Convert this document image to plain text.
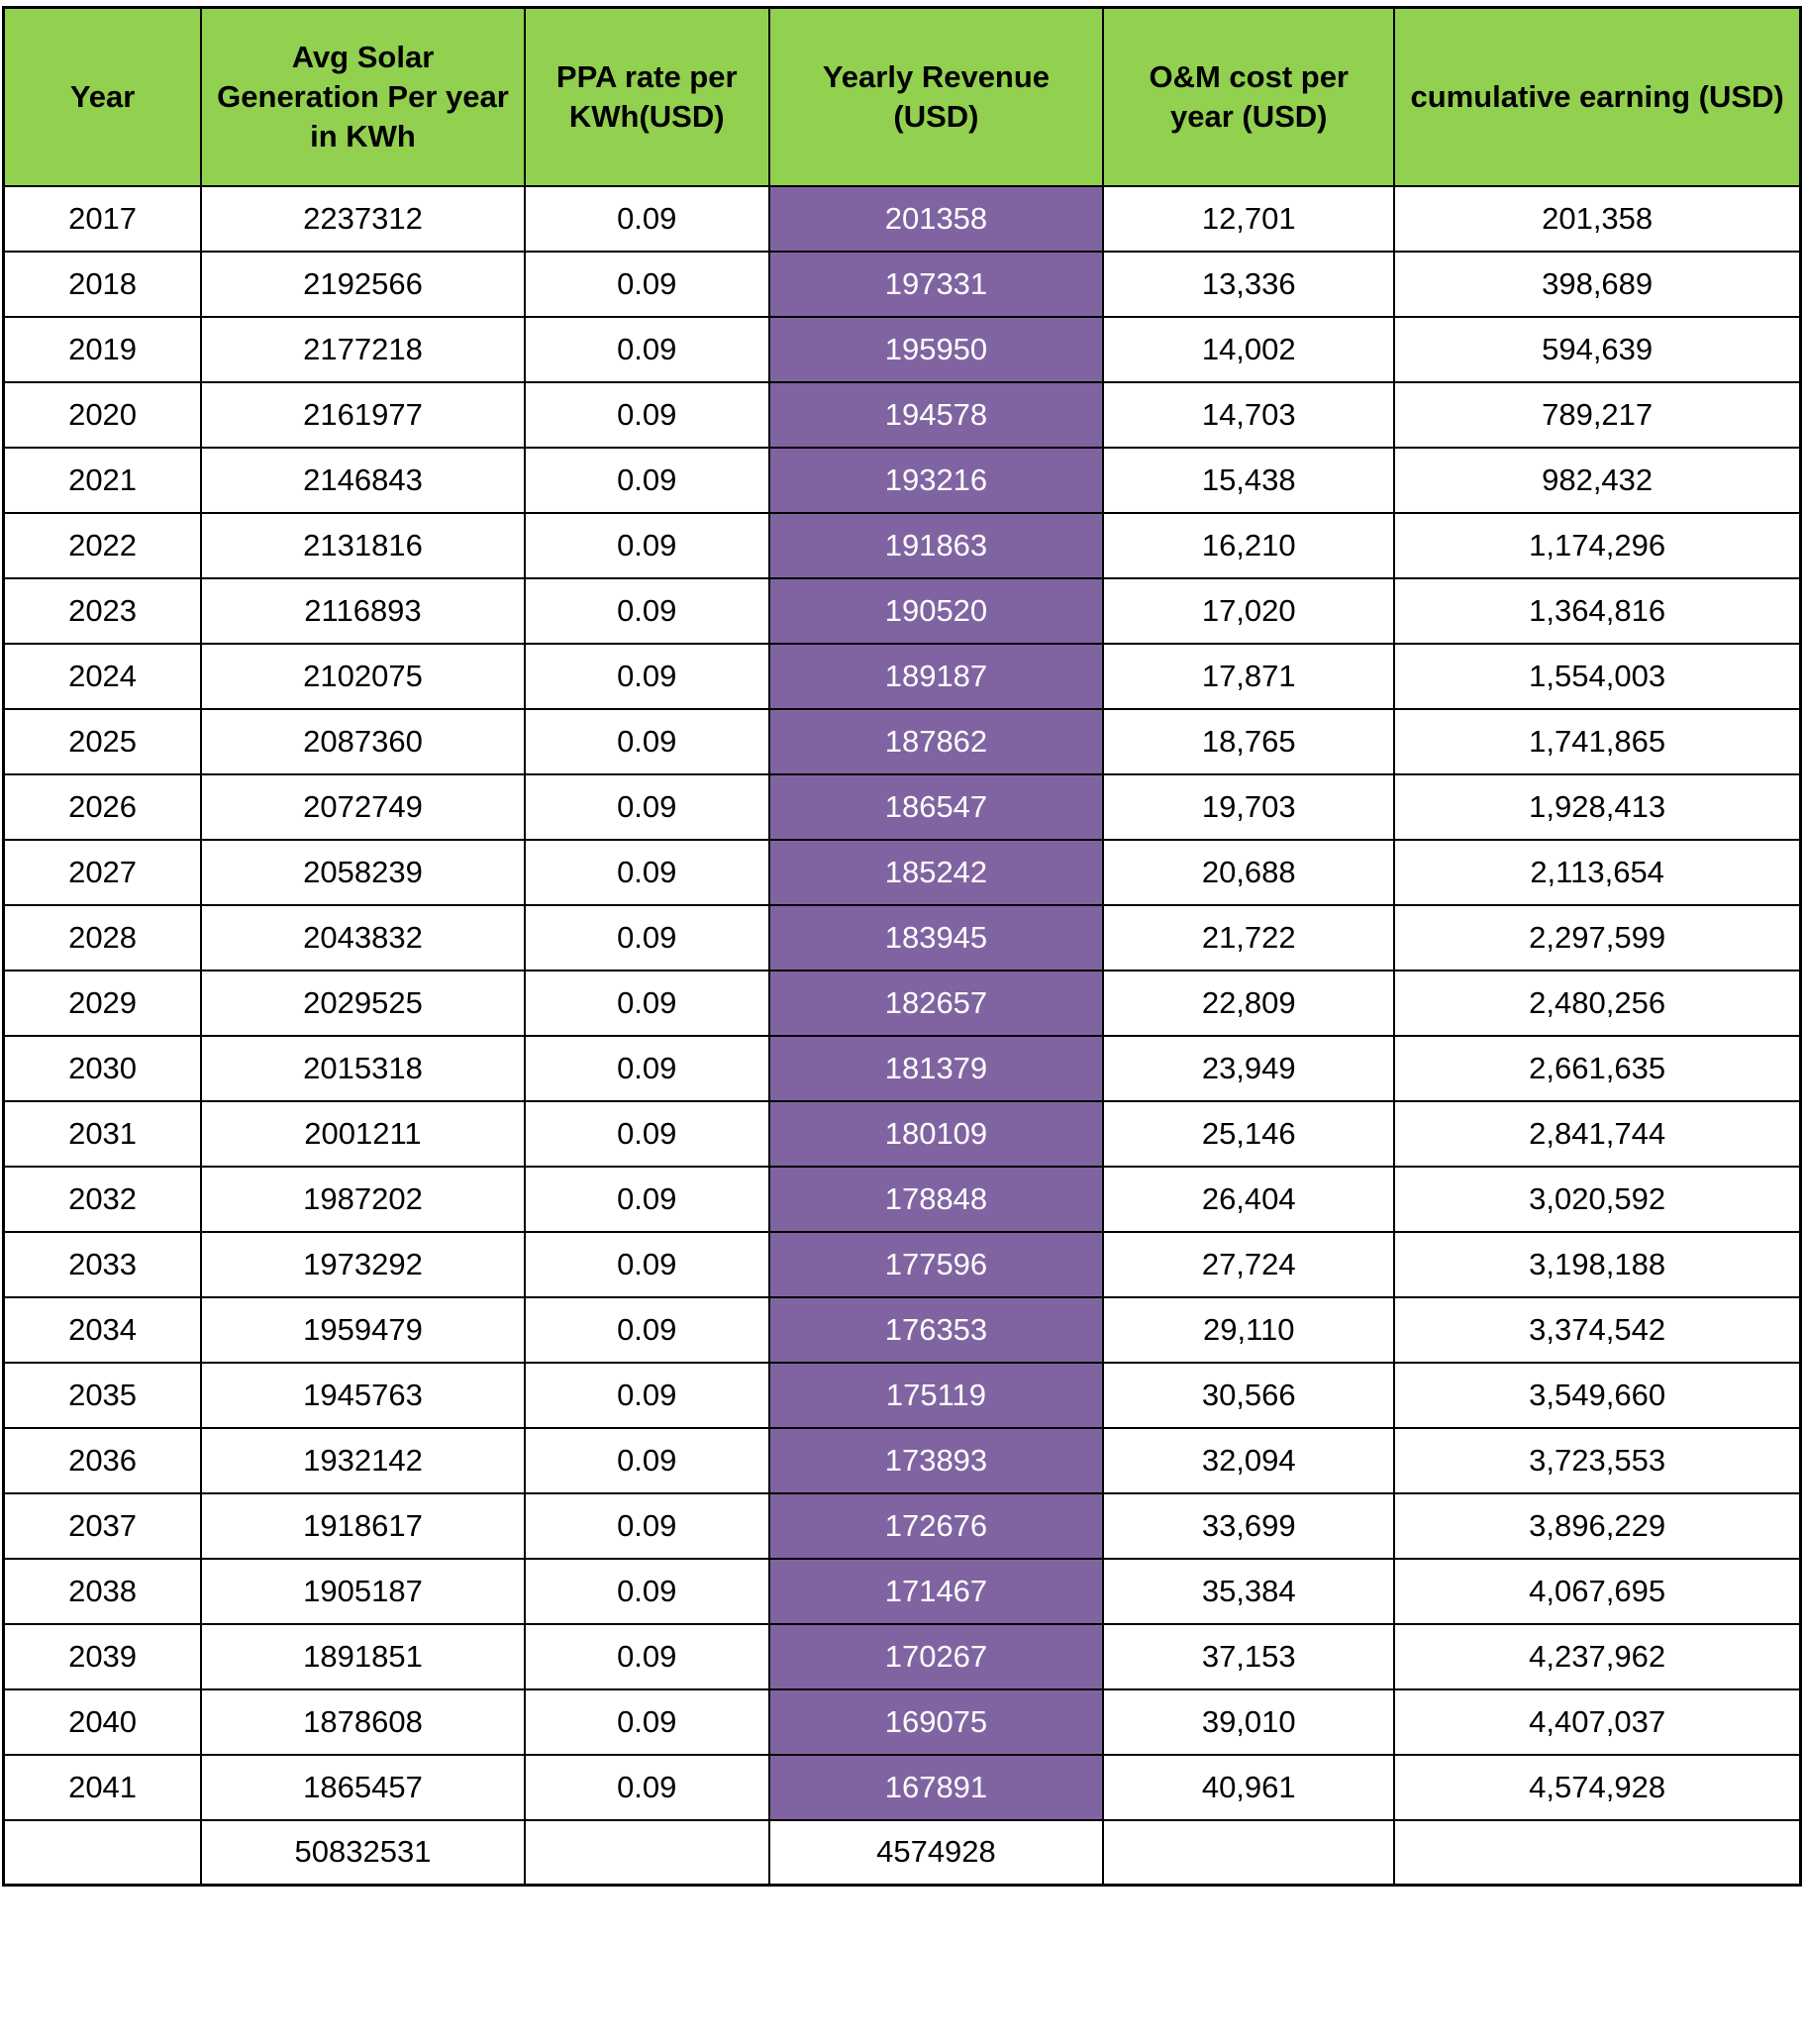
Year	Avg Solar Generation Per year in KWh	PPA rate per KWh(USD)	Yearly Revenue (USD)	O&M cost per year (USD)	cumulative earning (USD)
2017	2237312	0.09	201358	12,701	201,358
2018	2192566	0.09	197331	13,336	398,689
2019	2177218	0.09	195950	14,002	594,639
2020	2161977	0.09	194578	14,703	789,217
2021	2146843	0.09	193216	15,438	982,432
2022	2131816	0.09	191863	16,210	1,174,296
2023	2116893	0.09	190520	17,020	1,364,816
2024	2102075	0.09	189187	17,871	1,554,003
2025	2087360	0.09	187862	18,765	1,741,865
2026	2072749	0.09	186547	19,703	1,928,413
2027	2058239	0.09	185242	20,688	2,113,654
2028	2043832	0.09	183945	21,722	2,297,599
2029	2029525	0.09	182657	22,809	2,480,256
2030	2015318	0.09	181379	23,949	2,661,635
2031	2001211	0.09	180109	25,146	2,841,744
2032	1987202	0.09	178848	26,404	3,020,592
2033	1973292	0.09	177596	27,724	3,198,188
2034	1959479	0.09	176353	29,110	3,374,542
2035	1945763	0.09	175119	30,566	3,549,660
2036	1932142	0.09	173893	32,094	3,723,553
2037	1918617	0.09	172676	33,699	3,896,229
2038	1905187	0.09	171467	35,384	4,067,695
2039	1891851	0.09	170267	37,153	4,237,962
2040	1878608	0.09	169075	39,010	4,407,037
2041	1865457	0.09	167891	40,961	4,574,928
	50832531		4574928		
